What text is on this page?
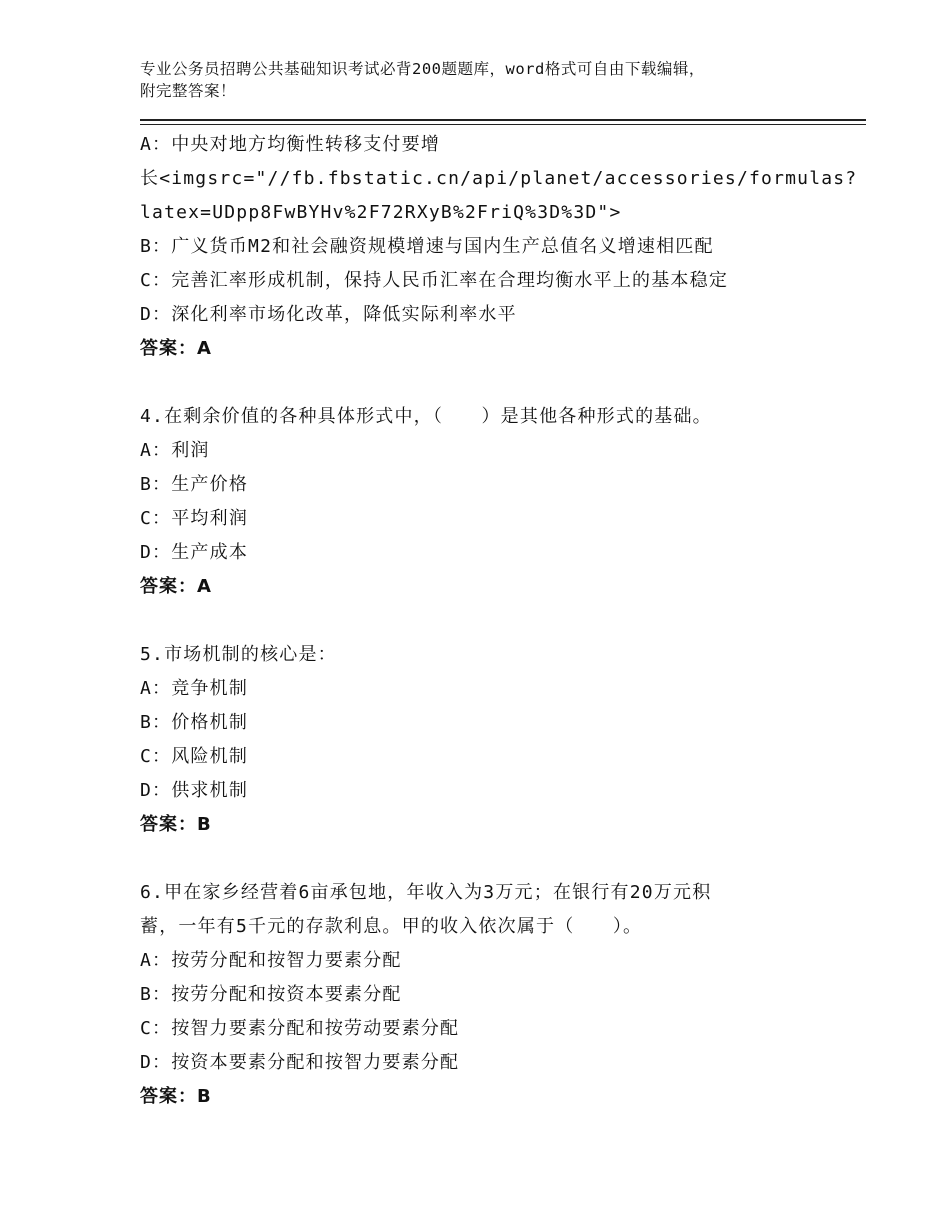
专业公务员招聘公共基础知识考试必背200题题库，word格式可自由下载编辑，
附完整答案！
A：中央对地方均衡性转移支付要增
长<imgsrc="//fb.fbstatic.cn/api/planet/accessories/formulas?
latex=UDpp8FwBYHv%2F72RXyB%2FriQ%3D%3D">
B：广义货币M2和社会融资规模增速与国内生产总值名义增速相匹配
C：完善汇率形成机制，保持人民币汇率在合理均衡水平上的基本稳定
D：深化利率市场化改革，降低实际利率水平
答案：A
4.在剩余价值的各种具体形式中，（　　）是其他各种形式的基础。
A：利润
B：生产价格
C：平均利润
D：生产成本
答案：A
5.市场机制的核心是：
A：竞争机制
B：价格机制
C：风险机制
D：供求机制
答案：B
6.甲在家乡经营着6亩承包地，年收入为3万元；在银行有20万元积
蓄，一年有5千元的存款利息。甲的收入依次属于（　　）。
A：按劳分配和按智力要素分配
B：按劳分配和按资本要素分配
C：按智力要素分配和按劳动要素分配
D：按资本要素分配和按智力要素分配
答案：B
